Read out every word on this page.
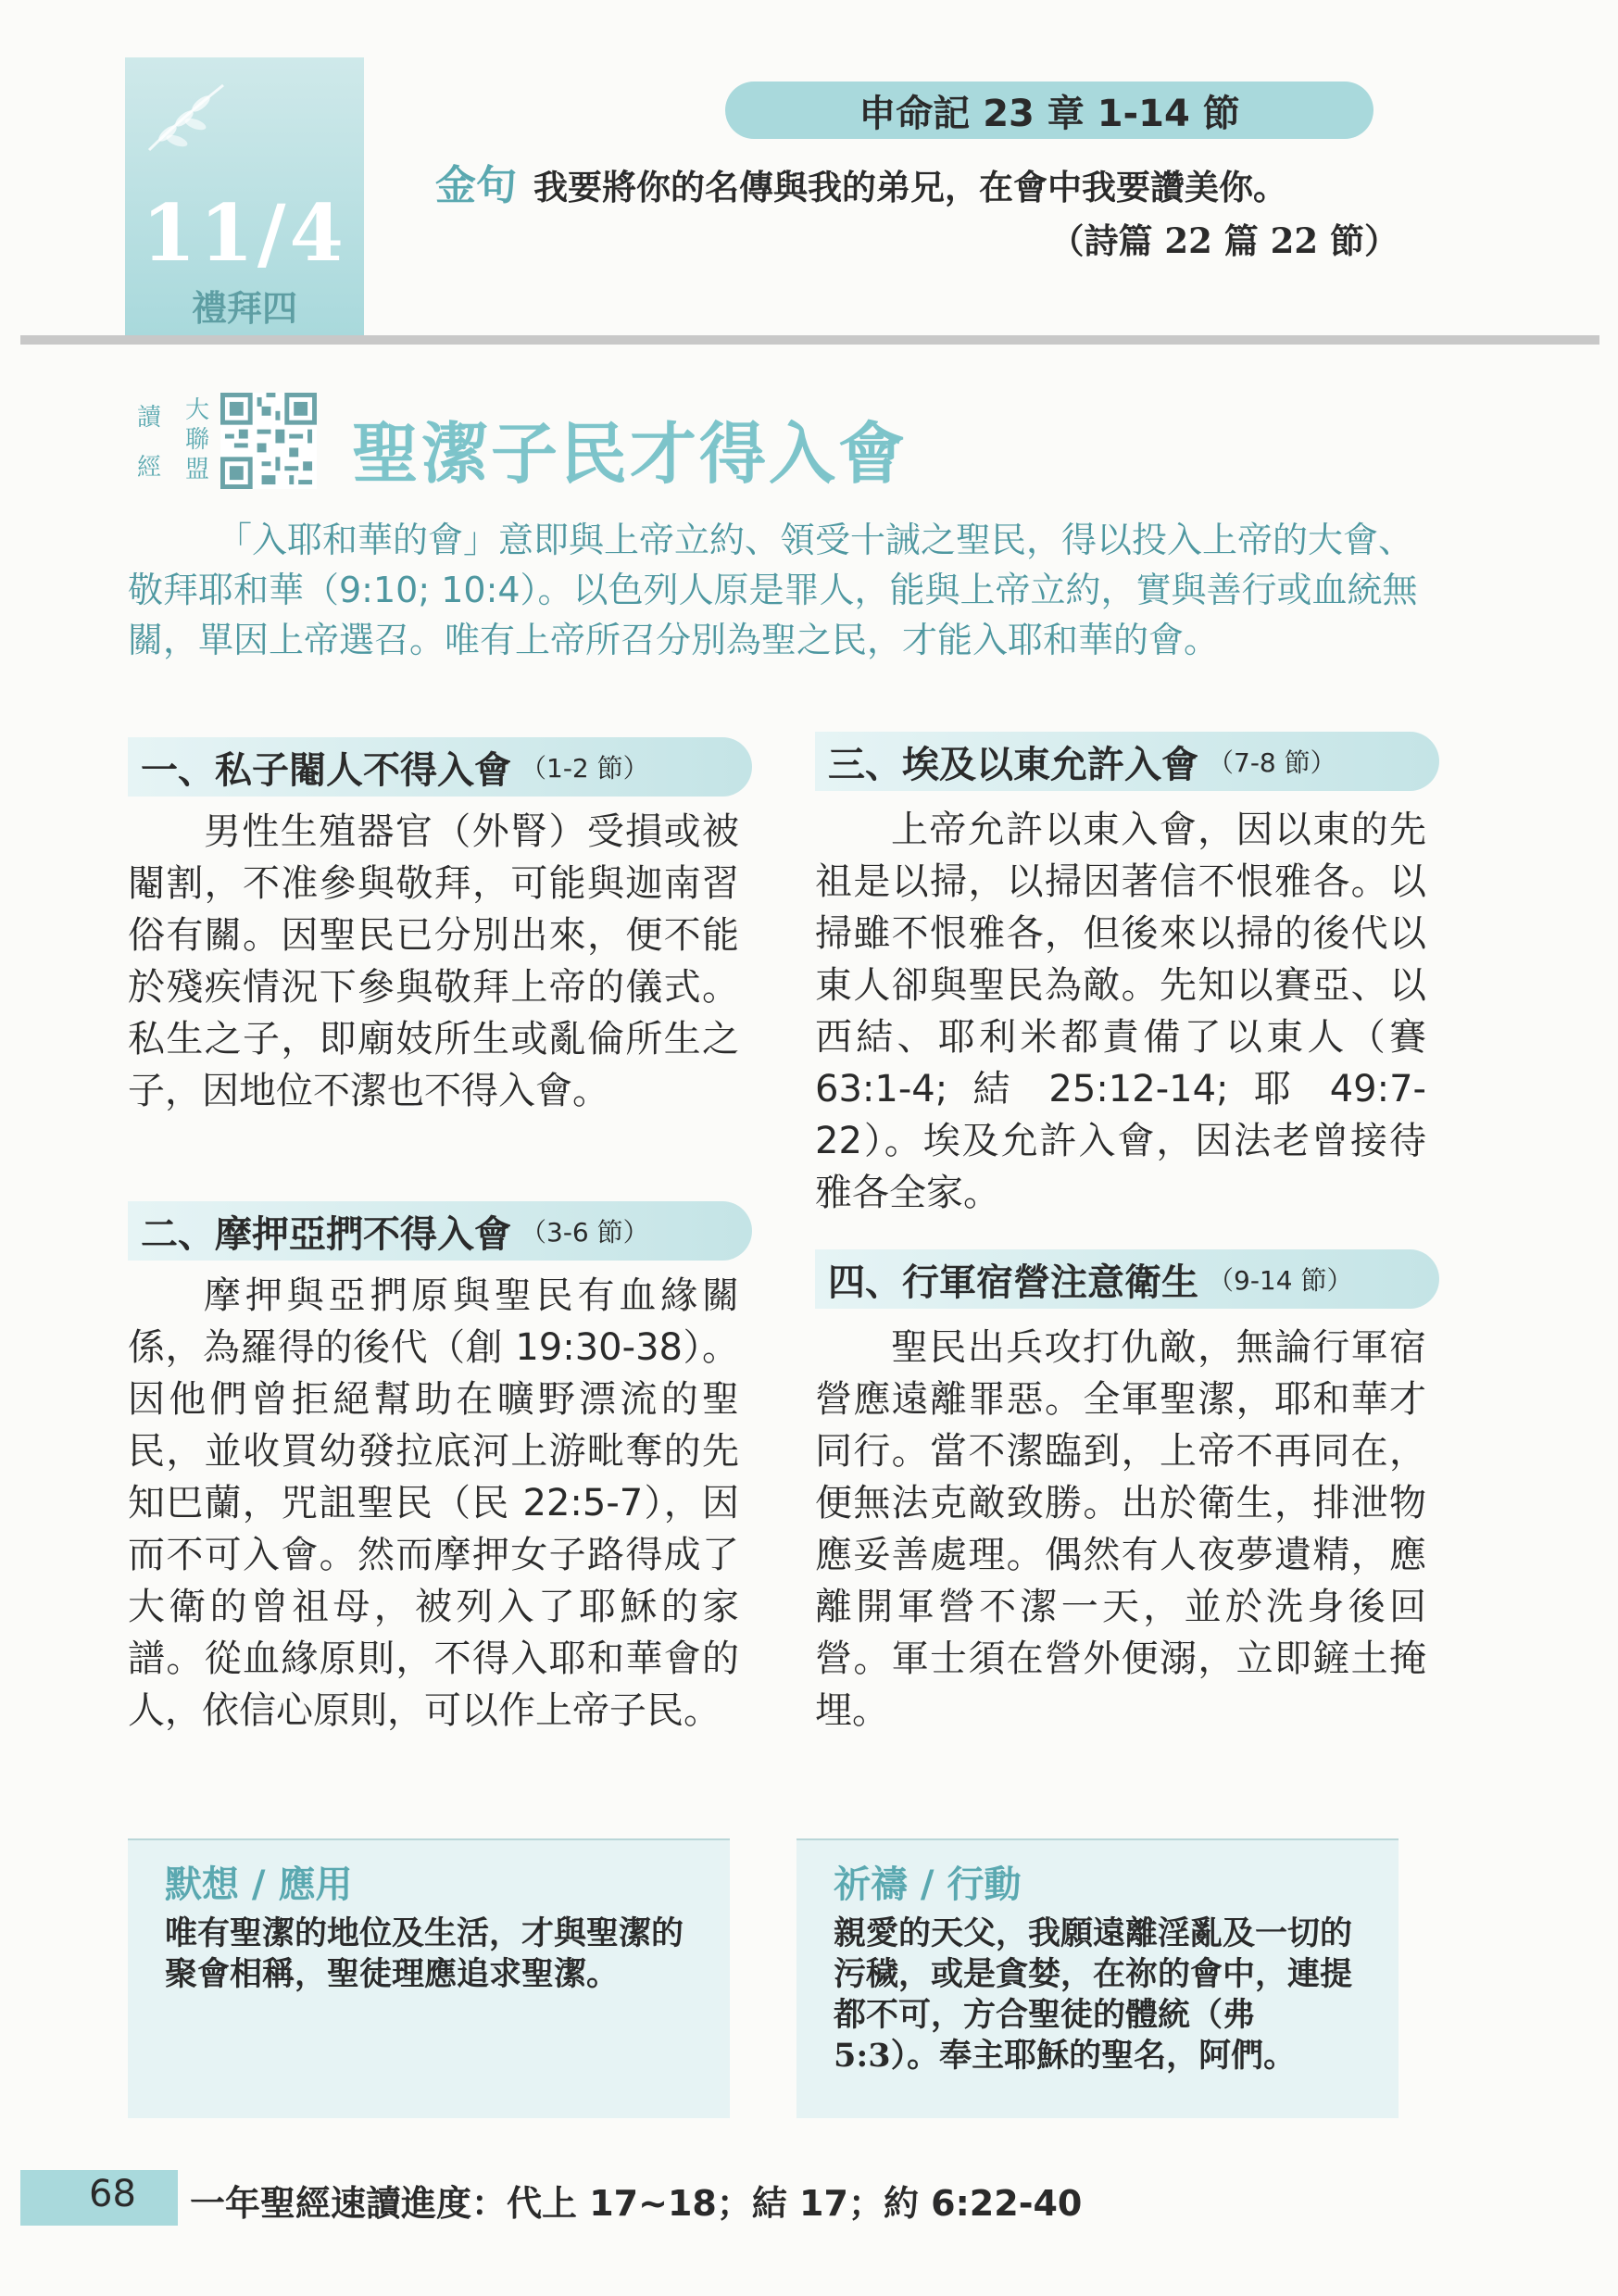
11/4
禮拜四
申命記 23 章 1-14 節
金句 我要將你的名傳與我的弟兄，在會中我要讚美你。
（詩篇 22 篇 22 節）
讀
經
大
聯
盟 聖潔子民才得入會
「入耶和華的會」意即與上帝立約、領受十誡之聖民，得以投入上帝的大會、敬拜耶和華（9:10; 10:4）。以色列人原是罪人，能與上帝立約，實與善行或血統無關，單因上帝選召。唯有上帝所召分別為聖之民，才能入耶和華的會。
一、私子閹人不得入會 （1-2 節）
男性生殖器官（外腎）受損或被閹割，不准參與敬拜，可能與迦南習俗有關。因聖民已分別出來，便不能於殘疾情況下參與敬拜上帝的儀式。私生之子，即廟妓所生或亂倫所生之子，因地位不潔也不得入會。
二、摩押亞捫不得入會 （3-6 節）
摩押與亞捫原與聖民有血緣關係，為羅得的後代（創 19:30-38）。因他們曾拒絕幫助在曠野漂流的聖民，並收買幼發拉底河上游毗奪的先知巴蘭，咒詛聖民（民 22:5-7），因而不可入會。然而摩押女子路得成了大衛的曾祖母，被列入了耶穌的家譜。從血緣原則，不得入耶和華會的人，依信心原則，可以作上帝子民。
三、埃及以東允許入會 （7-8 節）
上帝允許以東入會，因以東的先祖是以掃，以掃因著信不恨雅各。以掃雖不恨雅各，但後來以掃的後代以東人卻與聖民為敵。先知以賽亞、以西結、耶利米都責備了以東人（賽 63:1-4; 結 25:12-14; 耶 49:7-22）。埃及允許入會，因法老曾接待雅各全家。
四、行軍宿營注意衛生 （9-14 節）
聖民出兵攻打仇敵，無論行軍宿營應遠離罪惡。全軍聖潔，耶和華才同行。當不潔臨到，上帝不再同在，便無法克敵致勝。出於衛生，排泄物應妥善處理。偶然有人夜夢遺精，應離開軍營不潔一天，並於洗身後回營。軍士須在營外便溺，立即鏟土掩埋。
默想 / 應用

唯有聖潔的地位及生活，才與聖潔的聚會相稱，聖徒理應追求聖潔。

祈禱 / 行動

親愛的天父，我願遠離淫亂及一切的污穢，或是貪婪，在祢的會中，連提都不可，方合聖徒的體統（弗 5:3）。奉主耶穌的聖名，阿們。

68 一年聖經速讀進度：代上 17~18；結 17；約 6:22-40
